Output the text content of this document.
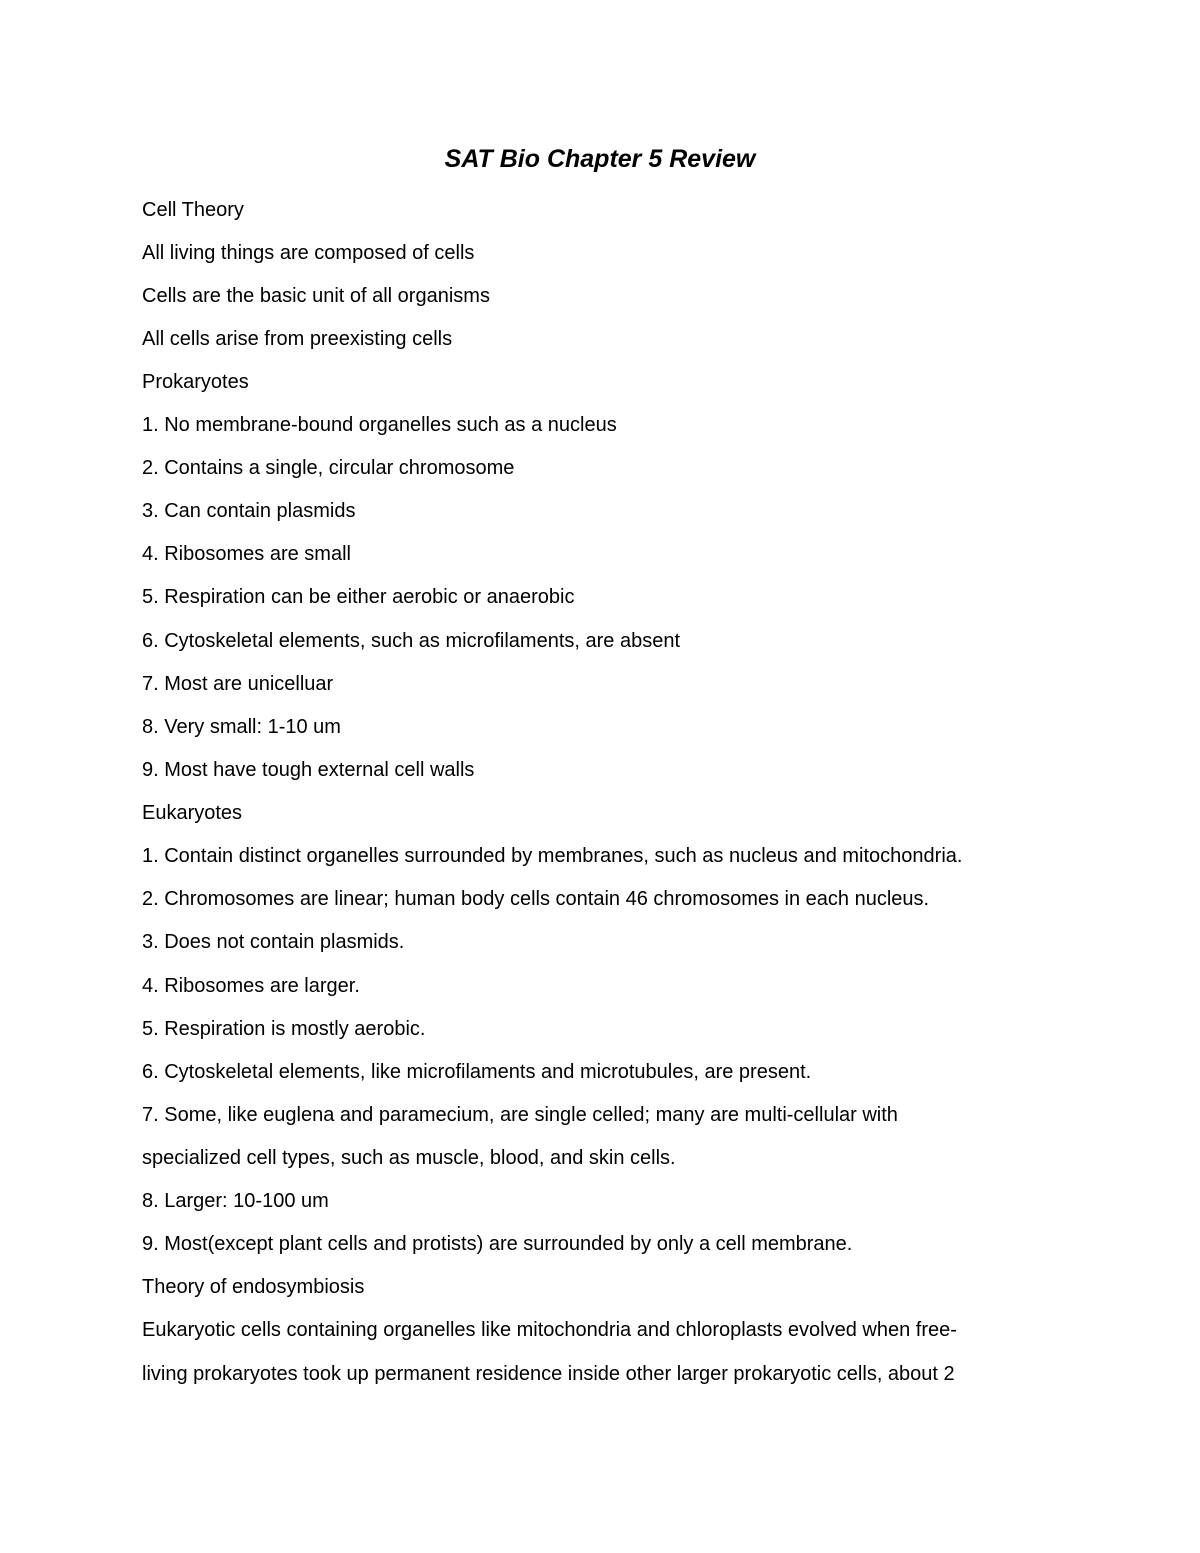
SAT Bio Chapter 5 Review
Cell Theory
All living things are composed of cells
Cells are the basic unit of all organisms
All cells arise from preexisting cells
Prokaryotes
1. No membrane-bound organelles such as a nucleus
2. Contains a single, circular chromosome
3. Can contain plasmids
4. Ribosomes are small
5. Respiration can be either aerobic or anaerobic
6. Cytoskeletal elements, such as microfilaments, are absent
7. Most are unicelluar
8. Very small: 1-10 um
9. Most have tough external cell walls
Eukaryotes
1. Contain distinct organelles surrounded by membranes, such as nucleus and mitochondria.
2. Chromosomes are linear; human body cells contain 46 chromosomes in each nucleus.
3. Does not contain plasmids.
4. Ribosomes are larger.
5. Respiration is mostly aerobic.
6. Cytoskeletal elements, like microfilaments and microtubules, are present.
7. Some, like euglena and paramecium, are single celled; many are multi-cellular with
specialized cell types, such as muscle, blood, and skin cells.
8. Larger: 10-100 um
9. Most(except plant cells and protists) are surrounded by only a cell membrane.
Theory of endosymbiosis
Eukaryotic cells containing organelles like mitochondria and chloroplasts evolved when free-
living prokaryotes took up permanent residence inside other larger prokaryotic cells, about 2
